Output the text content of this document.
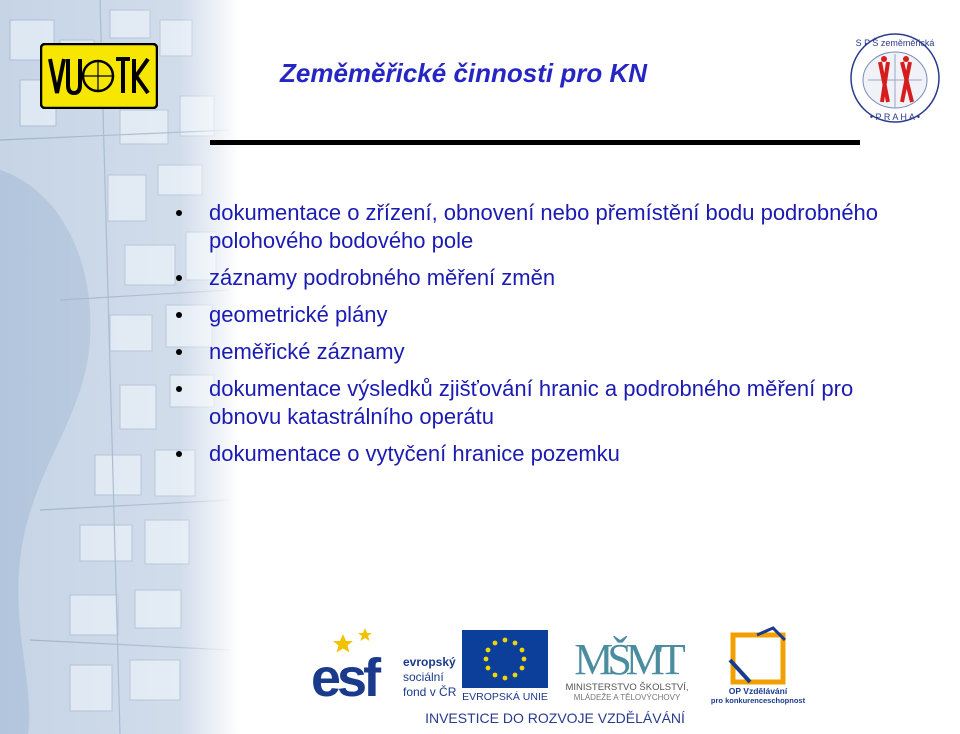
S P Š zeměměřická
• P R A H A •
Zeměměřické činnosti pro KN
dokumentace o zřízení, obnovení nebo přemístění bodu podrobného polohového bodového pole
záznamy podrobného měření změn
geometrické plány
neměřické záznamy
dokumentace výsledků zjišťování hranic a podrobného měření pro obnovu katastrálního operátu
dokumentace o vytyčení hranice pozemku
esf	evropský
sociální
fond v ČR EVROPSKÁ UNIE
MŠMT
MINISTERSTVO ŠKOLSTVÍ,
MLÁDEŽE A TĚLOVÝCHOVY
OP Vzdělávání
pro konkurenceschopnost
INVESTICE DO ROZVOJE VZDĚLÁVÁNÍ
